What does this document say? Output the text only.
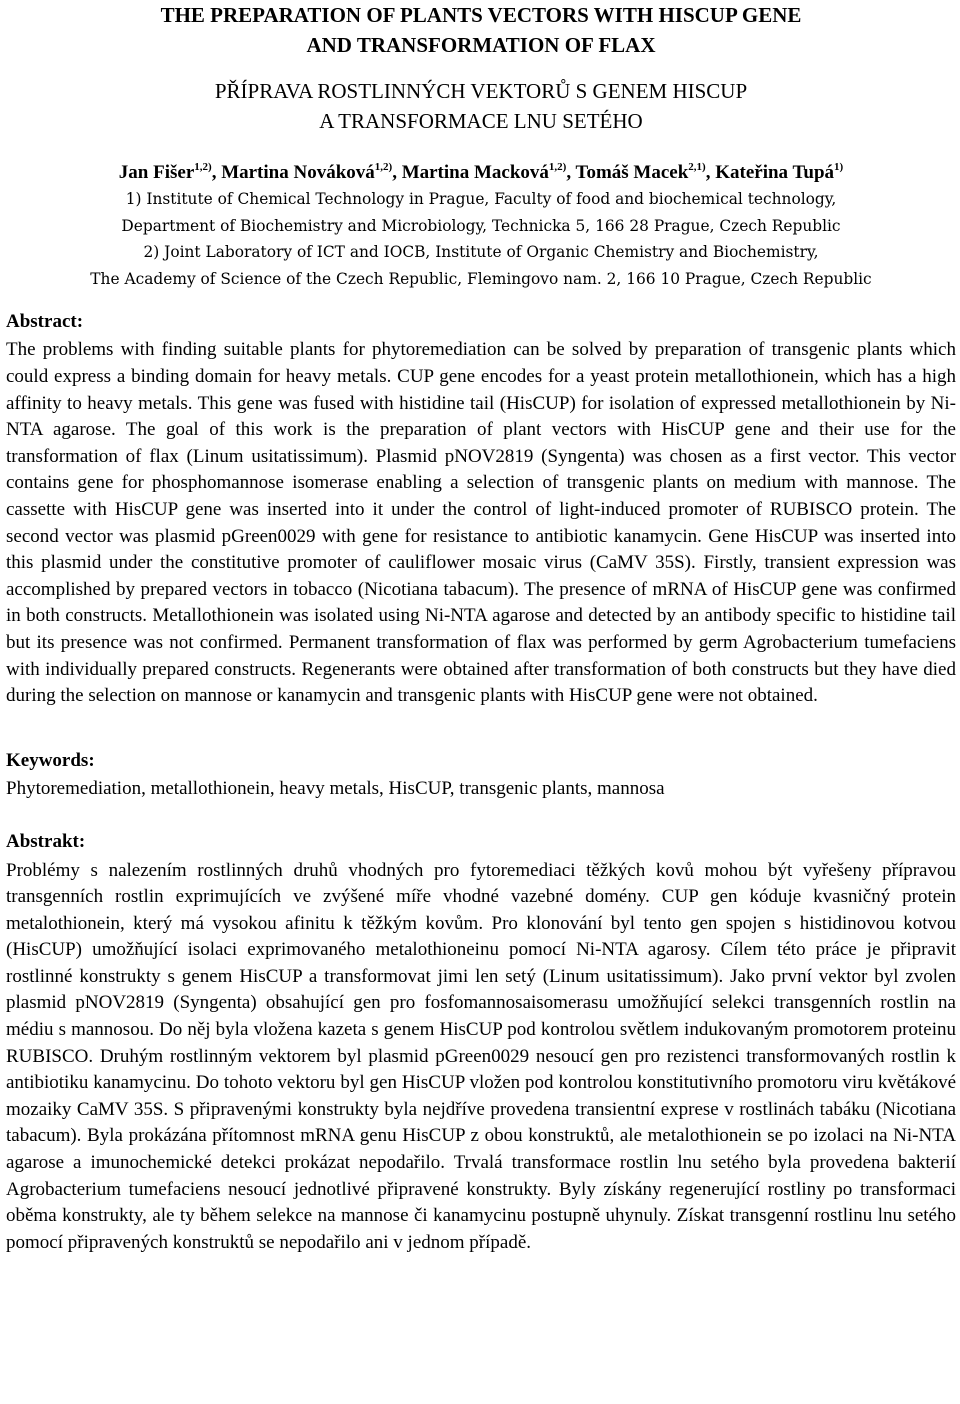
THE PREPARATION OF PLANTS VECTORS WITH HISCUP GENE

AND TRANSFORMATION OF FLAX

PŘÍPRAVA ROSTLINNÝCH VEKTORŮ S GENEM HISCUP
A TRANSFORMACE LNU SETÉHO

Jan Fišer$^{1,2)}$, Martina Nováková$^{1,2)}$, Martina Macková$^{1,2)}$, Tomáš Macek$^{2,1)}$, Kateřina Tupá$^{1)}$

1) Institute of Chemical Technology in Prague, Faculty of food and biochemical technology,

Department of Biochemistry and Microbiology, Technicka 5, 166 28 Prague, Czech Republic

2) Joint Laboratory of ICT and IOCB, Institute of Organic Chemistry and Biochemistry,

The Academy of Science of the Czech Republic, Flemingovo nam. 2, 166 10 Prague, Czech Republic

Abstract:

The problems with finding suitable plants for phytoremediation can be solved by preparation of transgenic plants which could express a binding domain for heavy metals. CUP gene encodes for a yeast protein metallothionein, which has a high affinity to heavy metals. This gene was fused with histidine tail (HisCUP) for isolation of expressed metallothionein by Ni-NTA agarose. The goal of this work is the preparation of plant vectors with HisCUP gene and their use for the transformation of flax (Linum usitatissimum). Plasmid pNOV2819 (Syngenta) was chosen as a first vector. This vector contains gene for phosphomannose isomerase enabling a selection of transgenic plants on medium with mannose. The cassette with HisCUP gene was inserted into it under the control of light-induced promoter of RUBISCO protein. The second vector was plasmid pGreen0029 with gene for resistance to antibiotic kanamycin. Gene HisCUP was inserted into this plasmid under the constitutive promoter of cauliflower mosaic virus (CaMV 35S). Firstly, transient expression was accomplished by prepared vectors in tobacco (Nicotiana tabacum). The presence of mRNA of HisCUP gene was confirmed in both constructs. Metallothionein was isolated using Ni-NTA agarose and detected by an antibody specific to histidine tail but its presence was not confirmed. Permanent transformation of flax was performed by germ Agrobacterium tumefaciens with individually prepared constructs. Regenerants were obtained after transformation of both constructs but they have died during the selection on mannose or kanamycin and transgenic plants with HisCUP gene were not obtained.

Keywords:

Phytoremediation, metallothionein, heavy metals, HisCUP, transgenic plants, mannosa

Abstrakt:

Problémy s nalezením rostlinných druhů vhodných pro fytoremediaci těžkých kovů mohou být vyřešeny přípravou transgenních rostlin exprimujících ve zvýšené míře vhodné vazebné domény. CUP gen kóduje kvasničný protein metalothionein, který má vysokou afinitu k těžkým kovům. Pro klonování byl tento gen spojen s histidinovou kotvou (HisCUP) umožňující isolaci exprimovaného metalothioneinu pomocí Ni-NTA agarosy. Cílem této práce je připravit rostlinné konstrukty s genem HisCUP a transformovat jimi len setý (Linum usitatissimum). Jako první vektor byl zvolen plasmid pNOV2819 (Syngenta) obsahující gen pro fosfomannosaisomerasu umožňující selekci transgenních rostlin na médiu s mannosou. Do něj byla vložena kazeta s genem HisCUP pod kontrolou světlem indukovaným promotorem proteinu RUBISCO. Druhým rostlinným vektorem byl plasmid pGreen0029 nesoucí gen pro rezistenci transformovaných rostlin k antibiotiku kanamycinu. Do tohoto vektoru byl gen HisCUP vložen pod kontrolou konstitutivního promotoru viru květákové mozaiky CaMV 35S. S připravenými konstrukty byla nejdříve provedena transientní exprese v rostlinách tabáku (Nicotiana tabacum). Byla prokázána přítomnost mRNA genu HisCUP z obou konstruktů, ale metalothionein se po izolaci na Ni-NTA agarose a imunochemické detekci prokázat nepodařilo. Trvalá transformace rostlin lnu setého byla provedena bakterií Agrobacterium tumefaciens nesoucí jednotlivé připravené konstrukty. Byly získány regenerující rostliny po transformaci oběma konstrukty, ale ty během selekce na mannose či kanamycinu postupně uhynuly. Získat transgenní rostlinu lnu setého pomocí připravených konstruktů se nepodařilo ani v jednom případě.
